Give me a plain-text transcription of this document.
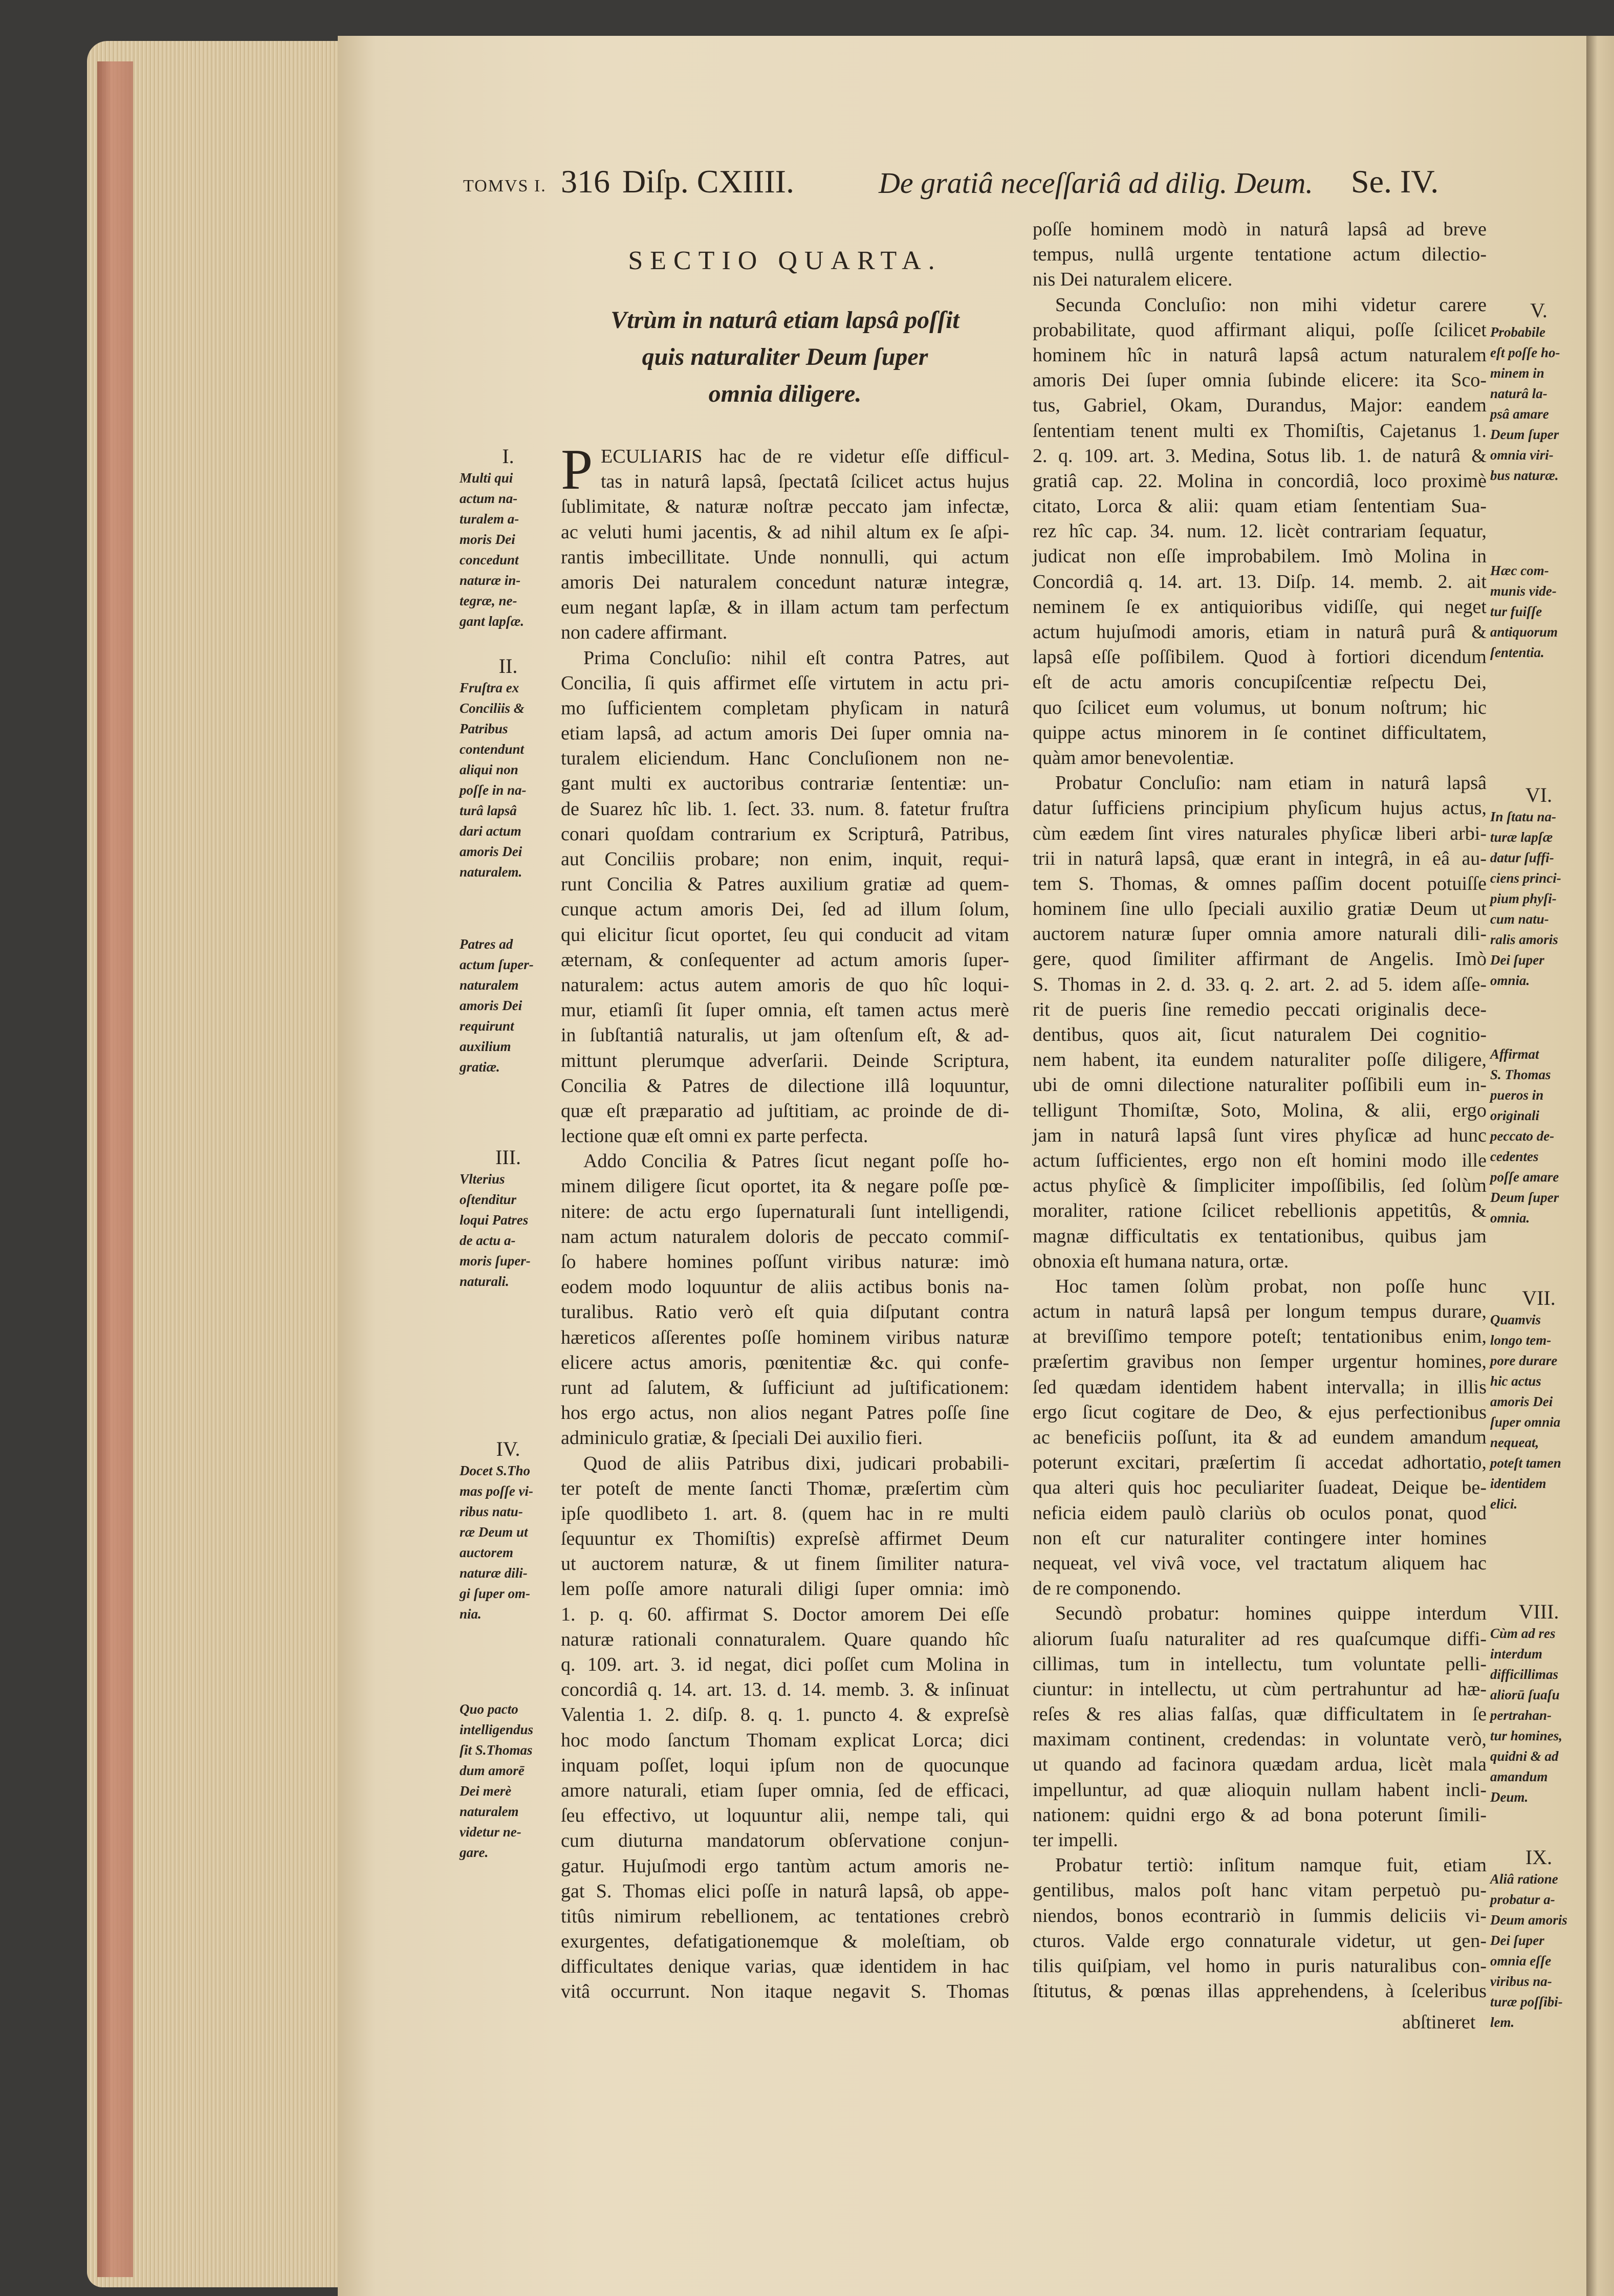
TOMVS I. 316 Diſp. CXIIII.	De gratiâ neceſſariâ ad dilig. Deum. Se. IV.
SECTIO QUARTA.
Vtrùm in naturâ etiam lapsâ poſſit
quis naturaliter Deum ſuper
omnia diligere.
P ECULIARIS hac de re videtur eſſe difficul-
tas in naturâ lapsâ, ſpectatâ ſcilicet actus hujus
ſublimitate, & naturæ noſtræ peccato jam infectæ,
ac veluti humi jacentis, & ad nihil altum ex ſe aſpi-
rantis imbecillitate. Unde nonnulli, qui actum
amoris Dei naturalem concedunt naturæ integræ,
eum negant lapſæ, & in illam actum tam perfectum
non cadere affirmant.
Prima Concluſio: nihil eſt contra Patres, aut
Concilia, ſi quis affirmet eſſe virtutem in actu pri-
mo ſufficientem completam phyſicam in naturâ
etiam lapsâ, ad actum amoris Dei ſuper omnia na-
turalem eliciendum. Hanc Concluſionem non ne-
gant multi ex auctoribus contrariæ ſententiæ: un-
de Suarez hîc lib. 1. ſect. 33. num. 8. fatetur fruſtra
conari quoſdam contrarium ex Scripturâ, Patribus,
aut Conciliis probare; non enim, inquit, requi-
runt Concilia & Patres auxilium gratiæ ad quem-
cunque actum amoris Dei, ſed ad illum ſolum,
qui elicitur ſicut oportet, ſeu qui conducit ad vitam
æternam, & conſequenter ad actum amoris ſuper-
naturalem: actus autem amoris de quo hîc loqui-
mur, etiamſi ſit ſuper omnia, eſt tamen actus merè
in ſubſtantiâ naturalis, ut jam oſtenſum eſt, & ad-
mittunt plerumque adverſarii. Deinde Scriptura,
Concilia & Patres de dilectione illâ loquuntur,
quæ eſt præparatio ad juſtitiam, ac proinde de di-
lectione quæ eſt omni ex parte perfecta.
Addo Concilia & Patres ſicut negant poſſe ho-
minem diligere ſicut oportet, ita & negare poſſe pœ-
nitere: de actu ergo ſupernaturali ſunt intelligendi,
nam actum naturalem doloris de peccato commiſ-
ſo habere homines poſſunt viribus naturæ: imò
eodem modo loquuntur de aliis actibus bonis na-
turalibus. Ratio verò eſt quia diſputant contra
hæreticos aſſerentes poſſe hominem viribus naturæ
elicere actus amoris, pœnitentiæ &c. qui confe-
runt ad ſalutem, & ſufficiunt ad juſtificationem:
hos ergo actus, non alios negant Patres poſſe ſine
adminiculo gratiæ, & ſpeciali Dei auxilio fieri.
Quod de aliis Patribus dixi, judicari probabili-
ter poteſt de mente ſancti Thomæ, præſertim cùm
ipſe quodlibeto 1. art. 8. (quem hac in re multi
ſequuntur ex Thomiſtis) expreſsè affirmet Deum
ut auctorem naturæ, & ut finem ſimiliter natura-
lem poſſe amore naturali diligi ſuper omnia: imò
1. p. q. 60. affirmat S. Doctor amorem Dei eſſe
naturæ rationali connaturalem. Quare quando hîc
q. 109. art. 3. id negat, dici poſſet cum Molina in
concordiâ q. 14. art. 13. d. 14. memb. 3. & inſinuat
Valentia 1. 2. diſp. 8. q. 1. puncto 4. & expreſsè
hoc modo ſanctum Thomam explicat Lorca; dici
inquam poſſet, loqui ipſum non de quocunque
amore naturali, etiam ſuper omnia, ſed de efficaci,
ſeu effectivo, ut loquuntur alii, nempe tali, qui
cum diuturna mandatorum obſervatione conjun-
gatur. Hujuſmodi ergo tantùm actum amoris ne-
gat S. Thomas elici poſſe in naturâ lapsâ, ob appe-
titûs nimirum rebellionem, ac tentationes crebrò
exurgentes, defatigationemque & moleſtiam, ob
difficultates denique varias, quæ identidem in hac
vitâ occurrunt. Non itaque negavit S. Thomas
poſſe hominem modò in naturâ lapsâ ad breve
tempus, nullâ urgente tentatione actum dilectio-
nis Dei naturalem elicere.
Secunda Concluſio: non mihi videtur carere
probabilitate, quod affirmant aliqui, poſſe ſcilicet
hominem hîc in naturâ lapsâ actum naturalem
amoris Dei ſuper omnia ſubinde elicere: ita Sco-
tus, Gabriel, Okam, Durandus, Major: eandem
ſententiam tenent multi ex Thomiſtis, Cajetanus 1.
2. q. 109. art. 3. Medina, Sotus lib. 1. de naturâ &
gratiâ cap. 22. Molina in concordiâ, loco proximè
citato, Lorca & alii: quam etiam ſententiam Sua-
rez hîc cap. 34. num. 12. licèt contrariam ſequatur,
judicat non eſſe improbabilem. Imò Molina in
Concordiâ q. 14. art. 13. Diſp. 14. memb. 2. ait
neminem ſe ex antiquioribus vidiſſe, qui neget
actum hujuſmodi amoris, etiam in naturâ purâ &
lapsâ eſſe poſſibilem. Quod à fortiori dicendum
eſt de actu amoris concupiſcentiæ reſpectu Dei,
quo ſcilicet eum volumus, ut bonum noſtrum; hic
quippe actus minorem in ſe continet difficultatem,
quàm amor benevolentiæ.
Probatur Concluſio: nam etiam in naturâ lapsâ
datur ſufficiens principium phyſicum hujus actus,
cùm eædem ſint vires naturales phyſicæ liberi arbi-
trii in naturâ lapsâ, quæ erant in integrâ, in eâ au-
tem S. Thomas, & omnes paſſim docent potuiſſe
hominem ſine ullo ſpeciali auxilio gratiæ Deum ut
auctorem naturæ ſuper omnia amore naturali dili-
gere, quod ſimiliter affirmant de Angelis. Imò
S. Thomas in 2. d. 33. q. 2. art. 2. ad 5. idem aſſe-
rit de pueris ſine remedio peccati originalis dece-
dentibus, quos ait, ſicut naturalem Dei cognitio-
nem habent, ita eundem naturaliter poſſe diligere,
ubi de omni dilectione naturaliter poſſibili eum in-
telligunt Thomiſtæ, Soto, Molina, & alii, ergo
jam in naturâ lapsâ ſunt vires phyſicæ ad hunc
actum ſufficientes, ergo non eſt homini modo ille
actus phyſicè & ſimpliciter impoſſibilis, ſed ſolùm
moraliter, ratione ſcilicet rebellionis appetitûs, &
magnæ difficultatis ex tentationibus, quibus jam
obnoxia eſt humana natura, ortæ.
Hoc tamen ſolùm probat, non poſſe hunc
actum in naturâ lapsâ per longum tempus durare,
at breviſſimo tempore poteſt; tentationibus enim,
præſertim gravibus non ſemper urgentur homines,
ſed quædam identidem habent intervalla; in illis
ergo ſicut cogitare de Deo, & ejus perfectionibus
ac beneficiis poſſunt, ita & ad eundem amandum
poterunt excitari, præſertim ſi accedat adhortatio,
qua alteri quis hoc peculiariter ſuadeat, Deique be-
neficia eidem paulò clariùs ob oculos ponat, quod
non eſt cur naturaliter contingere inter homines
nequeat, vel vivâ voce, vel tractatum aliquem hac
de re componendo.
Secundò probatur: homines quippe interdum
aliorum ſuaſu naturaliter ad res quaſcumque diffi-
cillimas, tum in intellectu, tum voluntate pelli-
ciuntur: in intellectu, ut cùm pertrahuntur ad hæ-
reſes & res alias falſas, quæ difficultatem in ſe
maximam continent, credendas: in voluntate verò,
ut quando ad facinora quædam ardua, licèt mala
impelluntur, ad quæ alioquin nullam habent incli-
nationem: quidni ergo & ad bona poterunt ſimili-
ter impelli.
Probatur tertiò: inſitum namque fuit, etiam
gentilibus, malos poſt hanc vitam perpetuò pu-
niendos, bonos econtrariò in ſummis deliciis vi-
cturos. Valde ergo connaturale videtur, ut gen-
tilis quiſpiam, vel homo in puris naturalibus con-
ſtitutus, & pœnas illas apprehendens, à ſceleribus
abſtineret
I.
Multi qui
actum na-
turalem a-
moris Dei
concedunt
naturæ in-
tegræ, ne-
gant lapſæ.
II.
Fruſtra ex
Conciliis &
Patribus
contendunt
aliqui non
poſſe in na-
turâ lapsâ
dari actum
amoris Dei
naturalem.
Patres ad
actum ſuper-
naturalem
amoris Dei
requirunt
auxilium
gratiæ.
III.
Vlterius
oſtenditur
loqui Patres
de actu a-
moris ſuper-
naturali.
IV.
Docet S.Tho
mas poſſe vi-
ribus natu-
ræ Deum ut
auctorem
naturæ dili-
gi ſuper om-
nia.
Quo pacto
intelligendus
ſit S.Thomas
dum amorē
Dei merè
naturalem
videtur ne-
gare.
V.
Probabile
eſt poſſe ho-
minem in
naturâ la-
psâ amare
Deum ſuper
omnia viri-
bus naturæ.
Hæc com-
munis vide-
tur fuiſſe
antiquorum
ſententia.
VI.
In ſtatu na-
turæ lapſæ
datur ſuffi-
ciens princi-
pium phyſi-
cum natu-
ralis amoris
Dei ſuper
omnia.
Affirmat
S. Thomas
pueros in
originali
peccato de-
cedentes
poſſe amare
Deum ſuper
omnia.
VII.
Quamvis
longo tem-
pore durare
hic actus
amoris Dei
ſuper omnia
nequeat,
poteſt tamen
identidem
elici.
VIII.
Cùm ad res
interdum
difficillimas
aliorū ſuaſu
pertrahan-
tur homines,
quidni & ad
amandum
Deum.
IX.
Aliâ ratione
probatur a-
Deum amoris
Dei ſuper
omnia eſſe
viribus na-
turæ poſſibi-
lem.
